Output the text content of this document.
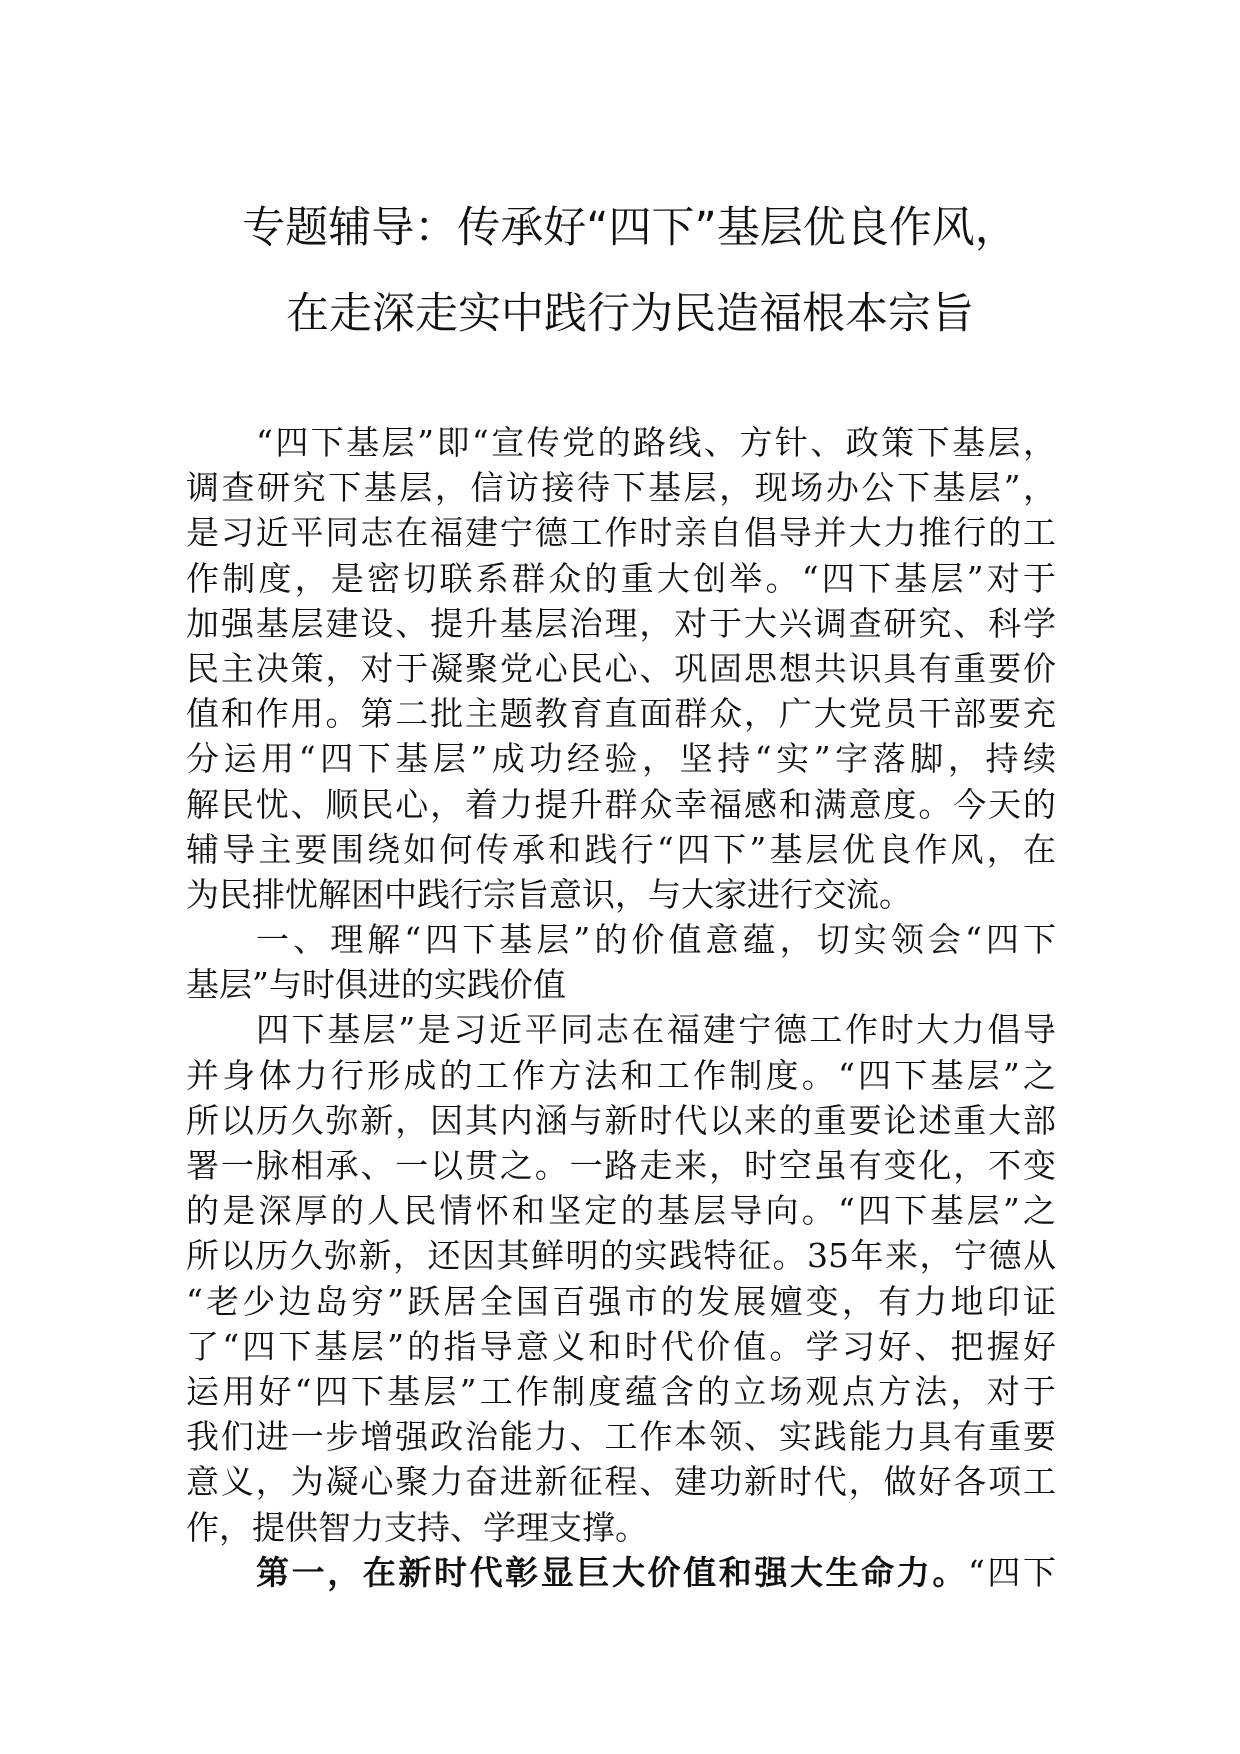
专题辅导：传承好“四下”基层优良作风，
在走深走实中践行为民造福根本宗旨
“四下基层”即“宣传党的路线、方针、政策下基层，
调查研究下基层，信访接待下基层，现场办公下基层”，
是习近平同志在福建宁德工作时亲自倡导并大力推行的工
作制度，是密切联系群众的重大创举。“四下基层”对于
加强基层建设、提升基层治理，对于大兴调查研究、科学
民主决策，对于凝聚党心民心、巩固思想共识具有重要价
值和作用。第二批主题教育直面群众，广大党员干部要充
分运用“四下基层”成功经验，坚持“实”字落脚，持续
解民忧、顺民心，着力提升群众幸福感和满意度。今天的
辅导主要围绕如何传承和践行“四下”基层优良作风，在
为民排忧解困中践行宗旨意识，与大家进行交流。
一、理解“四下基层”的价值意蕴，切实领会“四下
基层”与时俱进的实践价值
四下基层”是习近平同志在福建宁德工作时大力倡导
并身体力行形成的工作方法和工作制度。“四下基层”之
所以历久弥新，因其内涵与新时代以来的重要论述重大部
署一脉相承、一以贯之。一路走来，时空虽有变化，不变
的是深厚的人民情怀和坚定的基层导向。“四下基层”之
所以历久弥新，还因其鲜明的实践特征。35年来，宁德从
“老少边岛穷”跃居全国百强市的发展嬗变，有力地印证
了“四下基层”的指导意义和时代价值。学习好、把握好
运用好“四下基层”工作制度蕴含的立场观点方法，对于
我们进一步增强政治能力、工作本领、实践能力具有重要
意义，为凝心聚力奋进新征程、建功新时代，做好各项工
作，提供智力支持、学理支撑。
第一，在新时代彰显巨大价值和强大生命力。“四下
